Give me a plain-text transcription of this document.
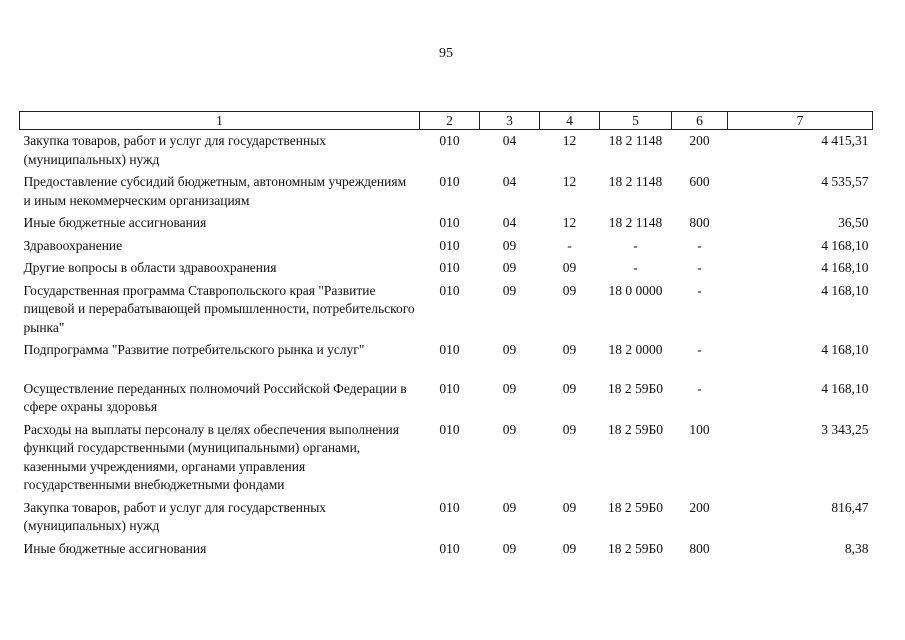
95
1	2	3	4	5	6	7
Закупка товаров, работ и услуг для государственных (муниципальных) нужд	010	04	12	18 2 1148	200	4 415,31
Предоставление субсидий бюджетным, автономным учреждениям и иным некоммерческим организациям	010	04	12	18 2 1148	600	4 535,57
Иные бюджетные ассигнования	010	04	12	18 2 1148	800	36,50
Здравоохранение	010	09	-	-	-	4 168,10
Другие вопросы в области здравоохранения	010	09	09	-	-	4 168,10
Государственная программа Ставропольского края "Развитие пищевой и перерабатывающей промышленности, потребительского рынка"	010	09	09	18 0 0000	-	4 168,10
Подпрограмма "Развитие потребительского рынка и услуг"	010	09	09	18 2 0000	-	4 168,10
Осуществление переданных полномочий Российской Федерации в сфере охраны здоровья	010	09	09	18 2 59Б0	-	4 168,10
Расходы на выплаты персоналу в целях обеспечения выполнения функций государственными (муниципальными) органами, казенными учреждениями, органами управления государственными внебюджетными фондами	010	09	09	18 2 59Б0	100	3 343,25
Закупка товаров, работ и услуг для государственных (муниципальных) нужд	010	09	09	18 2 59Б0	200	816,47
Иные бюджетные ассигнования	010	09	09	18 2 59Б0	800	8,38
